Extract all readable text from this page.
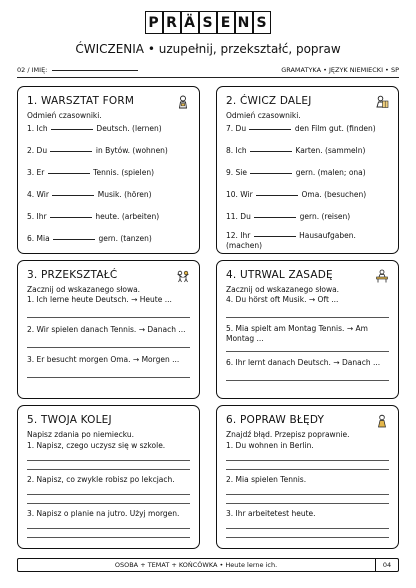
P R Ä S E N S
ĆWICZENIA • uzupełnij, przekształć, popraw
02 / IMIĘ:	GRAMATYKA • JĘZYK NIEMIECKI • SP
1. WARSZTAT FORM
Odmień czasowniki.
1. Ich	Deutsch. (lernen)
2. Du	in Bytów. (wohnen)
3. Er	Tennis. (spielen)
4. Wir	Musik. (hören)
5. Ihr	heute. (arbeiten)
6. Mia	gern. (tanzen)
2. ĆWICZ DALEJ
Odmień czasowniki.
7. Du	den Film gut. (finden)
8. Ich	Karten. (sammeln)
9. Sie	gern. (malen; ona)
10. Wir	Oma. (besuchen)
11. Du	gern. (reisen)
12. Ihr	Hausaufgaben. (machen)
3. PRZEKSZTAŁĆ
Zacznij od wskazanego słowa.
1. Ich lerne heute Deutsch. → Heute ...
2. Wir spielen danach Tennis. → Danach ...
3. Er besucht morgen Oma. → Morgen ...
4. UTRWAL ZASADĘ
Zacznij od wskazanego słowa.
4. Du hörst oft Musik. → Oft ...
5. Mia spielt am Montag Tennis. → Am Montag ...
6. Ihr lernt danach Deutsch. → Danach ...
5. TWOJA KOLEJ
Napisz zdania po niemiecku.
1. Napisz, czego uczysz się w szkole.
2. Napisz, co zwykle robisz po lekcjach.
3. Napisz o planie na jutro. Użyj morgen.
6. POPRAW BŁĘDY
Znajdź błąd. Przepisz poprawnie.
1. Du wohnen in Berlin.
2. Mia spielen Tennis.
3. Ihr arbeitetest heute.
OSOBA + TEMAT + KOŃCÓWKA • Heute lerne ich.	04
